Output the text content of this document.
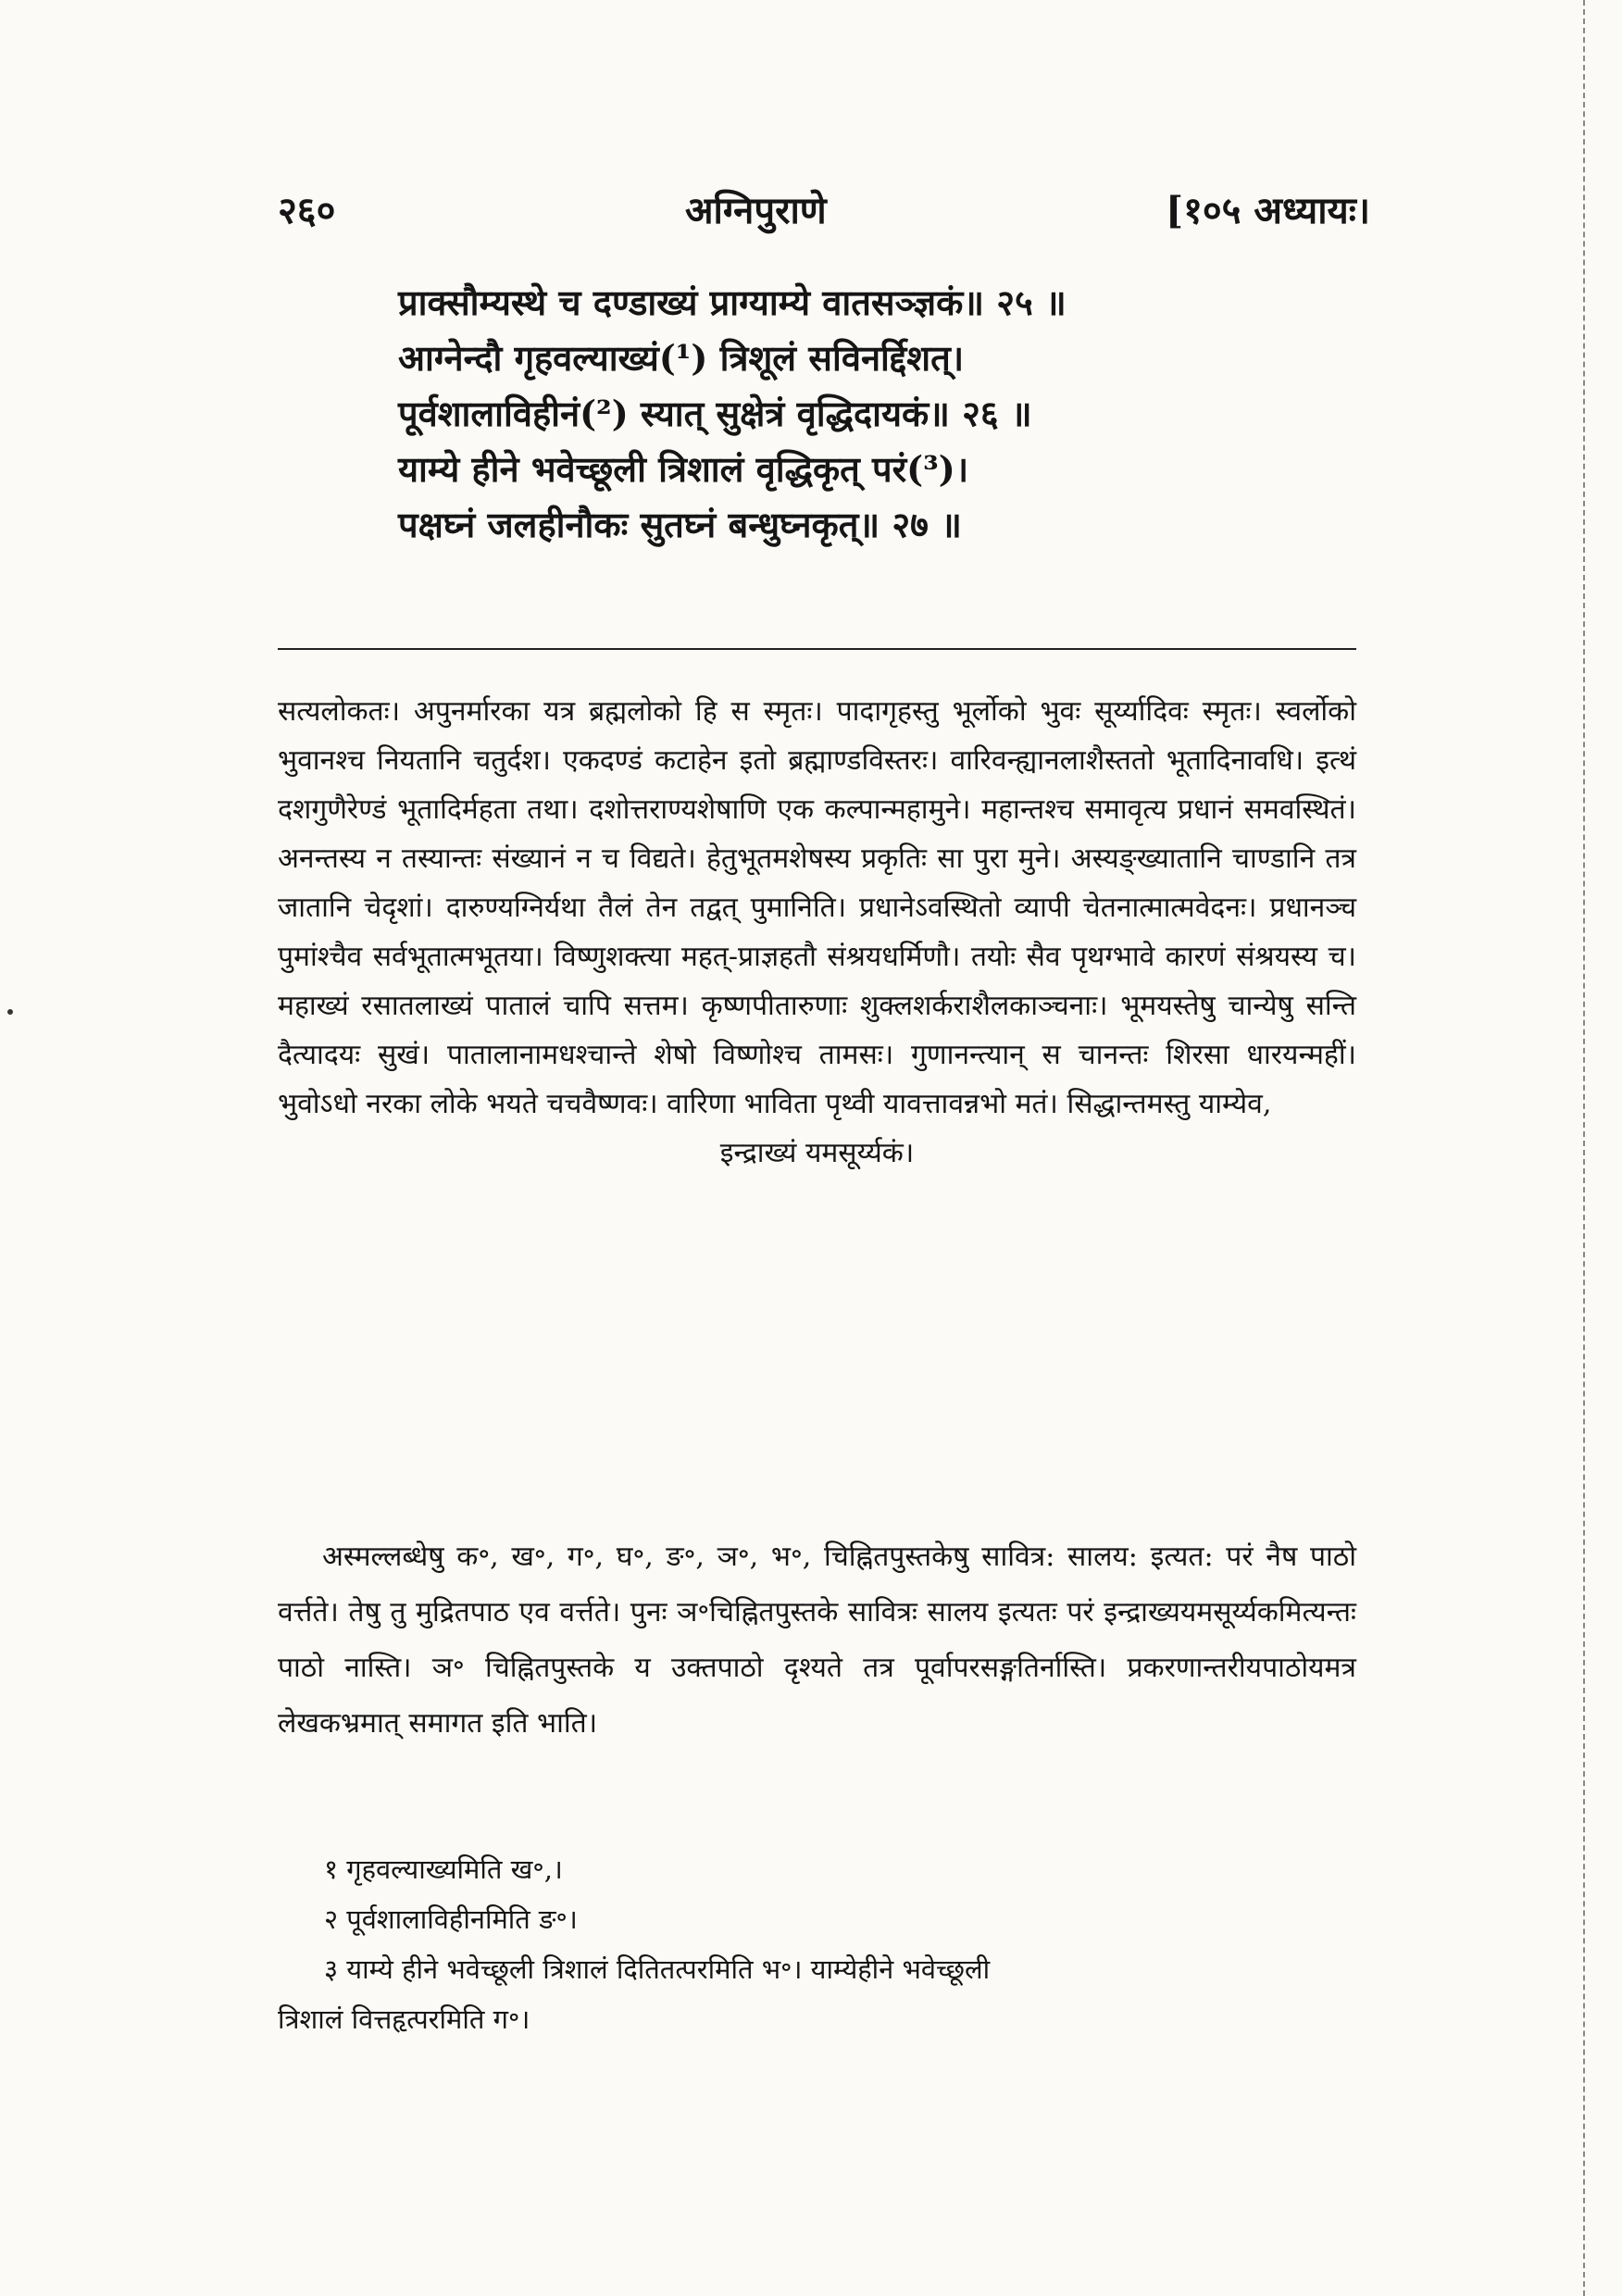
२६०	अग्निपुराणे	[१०५ अध्यायः।
प्राक्सौम्यस्थे च दण्डाख्यं प्राग्याम्ये वातसञ्ज्ञकं॥ २५ ॥
आग्नेन्दौ गृहवल्याख्यं(¹) त्रिशूलं सविनर्द्दिशत्।
पूर्वशालाविहीनं(²) स्यात् सुक्षेत्रं वृद्धिदायकं॥ २६ ॥
याम्ये हीने भवेच्छूली त्रिशालं वृद्धिकृत् परं(³)।
पक्षघ्नं जलहीनौकः सुतघ्नं बन्धुघ्नकृत्॥ २७ ॥
सत्यलोकतः। अपुनर्मारका यत्र ब्रह्मलोको हि स स्मृतः। पादागृहस्तु भूर्लोको भुवः सूर्य्यादिवः स्मृतः। स्वर्लोको भुवानश्च नियतानि चतुर्दश। एकदण्डं कटाहेन इतो ब्रह्माण्डविस्तरः। वारिवन्ह्यानलाशैस्ततो भूतादिनावधि। इत्थं दशगुणैरेण्डं भूतादिर्महता तथा। दशोत्तराण्यशेषाणि एक कल्पान्महामुने। महान्तश्च समावृत्य प्रधानं समवस्थितं। अनन्तस्य न तस्यान्तः संख्यानं न च विद्यते। हेतुभूतमशेषस्य प्रकृतिः सा पुरा मुने। अस्यङ्ख्यातानि चाण्डानि तत्र जातानि चेदृशां। दारुण्यग्निर्यथा तैलं तेन तद्वत् पुमानिति। प्रधानेऽवस्थितो व्यापी चेतनात्मात्मवेदनः। प्रधानञ्च पुमांश्चैव सर्वभूतात्मभूतया। विष्णुशक्त्या महत्-प्राज्ञहतौ संश्रयधर्मिणौ। तयोः सैव पृथग्भावे कारणं संश्रयस्य च। महाख्यं रसातलाख्यं पातालं चापि सत्तम। कृष्णपीतारुणाः शुक्लशर्कराशैलकाञ्चनाः। भूमयस्तेषु चान्येषु सन्ति दैत्यादयः सुखं। पातालानामधश्चान्ते शेषो विष्णोश्च तामसः। गुणानन्त्यान् स चानन्तः शिरसा धारयन्महीं। भुवोऽधो नरका लोके भयते चचवैष्णवः। वारिणा भाविता पृथ्वी यावत्तावन्नभो मतं। सिद्धान्तमस्तु याम्येव,
इन्द्राख्यं यमसूर्य्यकं।
अस्मल्लब्धेषु क॰, ख॰, ग॰, घ॰, ङ॰, ञ॰, भ॰, चिह्नितपुस्तकेषु सावित्र: सालय: इत्यत: परं नैष पाठो वर्त्तते। तेषु तु मुद्रितपाठ एव वर्त्तते। पुनः ञ॰चिह्नितपुस्तके सावित्रः सालय इत्यतः परं इन्द्राख्ययमसूर्य्यकमित्यन्तः पाठो नास्ति। ञ॰ चिह्नितपुस्तके य उक्तपाठो दृश्यते तत्र पूर्वापरसङ्गतिर्नास्ति। प्रकरणान्तरीयपाठोयमत्र लेखकभ्रमात् समागत इति भाति।
१ गृहवल्याख्यमिति ख॰,।
२ पूर्वशालाविहीनमिति ङ॰।
३ याम्ये हीने भवेच्छूली त्रिशालं दितितत्परमिति भ॰। याम्येहीने भवेच्छूली
त्रिशालं वित्तहृत्परमिति ग॰।
